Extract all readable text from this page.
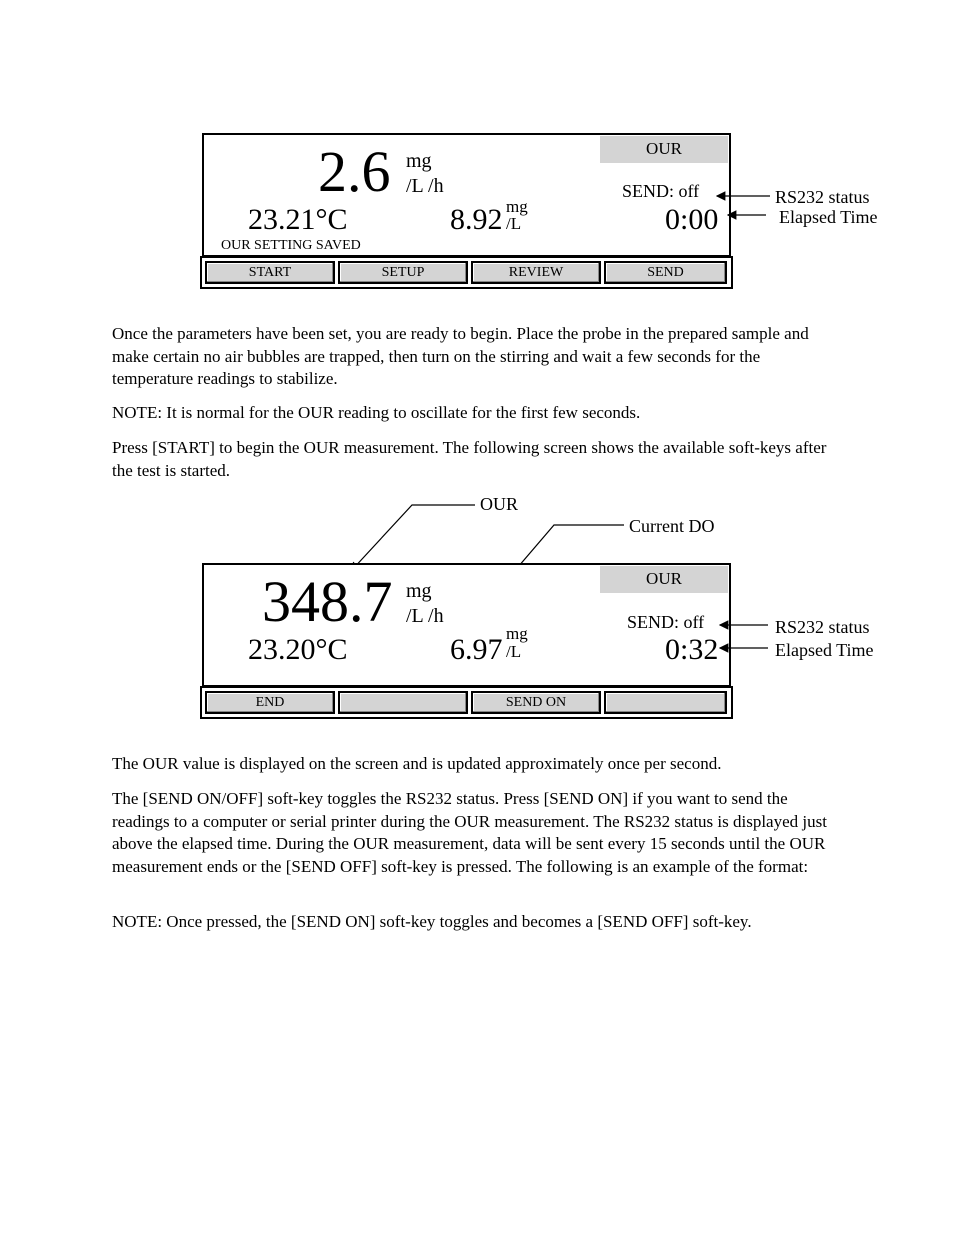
OUR
2.6 mg
/L /h
23.21°C	8.92 mg
/L
SEND: off
0:00
OUR SETTING SAVED
START	SETUP	REVIEW	SEND
RS232 status
Elapsed Time

Once the parameters have been set, you are ready to begin. Place the probe in the prepared sample and make certain no air bubbles are trapped, then turn on the stirring and wait a few seconds for the temperature readings to stabilize.

NOTE: It is normal for the OUR reading to oscillate for the first few seconds.

Press [START] to begin the OUR measurement. The following screen shows the available soft-keys after the test is started.

OUR
Current DO
OUR
348.7 mg
/L /h
23.20°C	6.97 mg
/L
SEND: off
0:32
END	SEND ON
RS232 status
Elapsed Time

The OUR value is displayed on the screen and is updated approximately once per second.

The [SEND ON/OFF] soft-key toggles the RS232 status. Press [SEND ON] if you want to send the readings to a computer or serial printer during the OUR measurement. The RS232 status is displayed just above the elapsed time. During the OUR measurement, data will be sent every 15 seconds until the OUR measurement ends or the [SEND OFF] soft-key is pressed. The following is an example of the format:

NOTE: Once pressed, the [SEND ON] soft-key toggles and becomes a [SEND OFF] soft-key.
